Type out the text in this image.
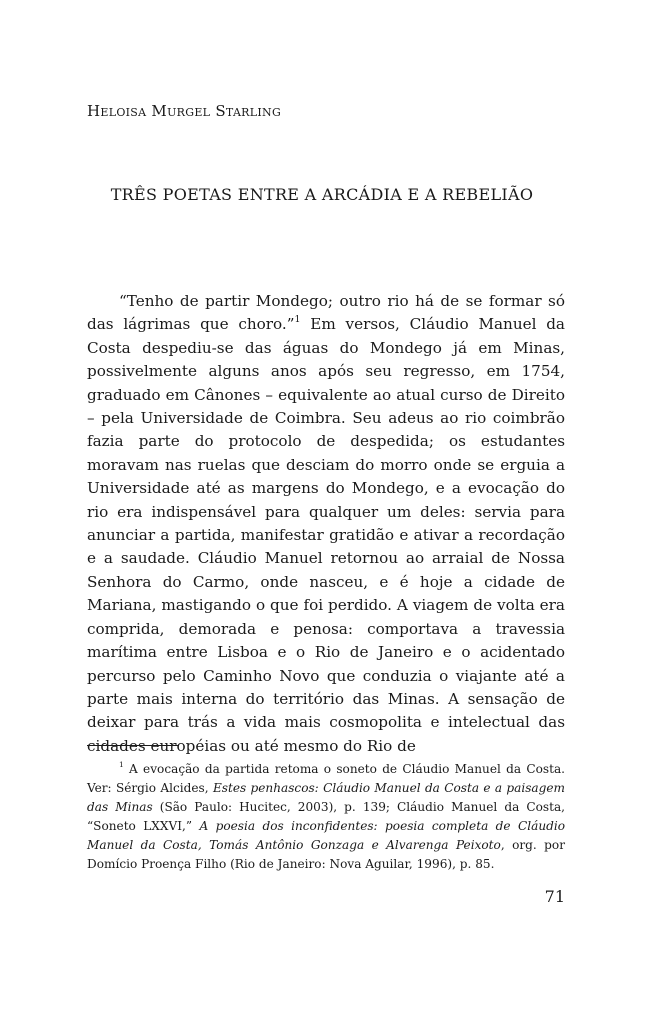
Heloisa Murgel Starling
TRÊS POETAS ENTRE A ARCÁDIA E A REBELIÃO

“Tenho de partir Mondego; outro rio há de se formar só das lágrimas que choro.”$^1$ Em versos, Cláudio Manuel da Costa despediu-se das águas do Mondego já em Minas, possivelmente alguns anos após seu regresso, em 1754, graduado em Cânones – equivalente ao atual curso de Direito – pela Universidade de Coimbra. Seu adeus ao rio coimbrão fazia parte do protocolo de despedida; os estudantes moravam nas ruelas que desciam do morro onde se erguia a Universidade até as margens do Mondego, e a evocação do rio era indispensável para qualquer um deles: servia para anunciar a partida, manifestar gratidão e ativar a recordação e a saudade. Cláudio Manuel retornou ao arraial de Nossa Senhora do Carmo, onde nasceu, e é hoje a cidade de Mariana, mastigando o que foi perdido. A viagem de volta era comprida, demorada e penosa: comportava a travessia marítima entre Lisboa e o Rio de Janeiro e o acidentado percurso pelo Caminho Novo que conduzia o viajante até a parte mais interna do território das Minas. A sensação de deixar para trás a vida mais cosmopolita e intelectual das cidades européias ou até mesmo do Rio de

$^1$ A evocação da partida retoma o soneto de Cláudio Manuel da Costa. Ver: Sérgio Alcides, Estes penhascos: Cláudio Manuel da Costa e a paisagem das Minas (São Paulo: Hucitec, 2003), p. 139; Cláudio Manuel da Costa, “Soneto LXXVI,” A poesia dos inconfidentes: poesia completa de Cláudio Manuel da Costa, Tomás Antônio Gonzaga e Alvarenga Peixoto, org. por Domício Proença Filho (Rio de Janeiro: Nova Aguilar, 1996), p. 85.

71
